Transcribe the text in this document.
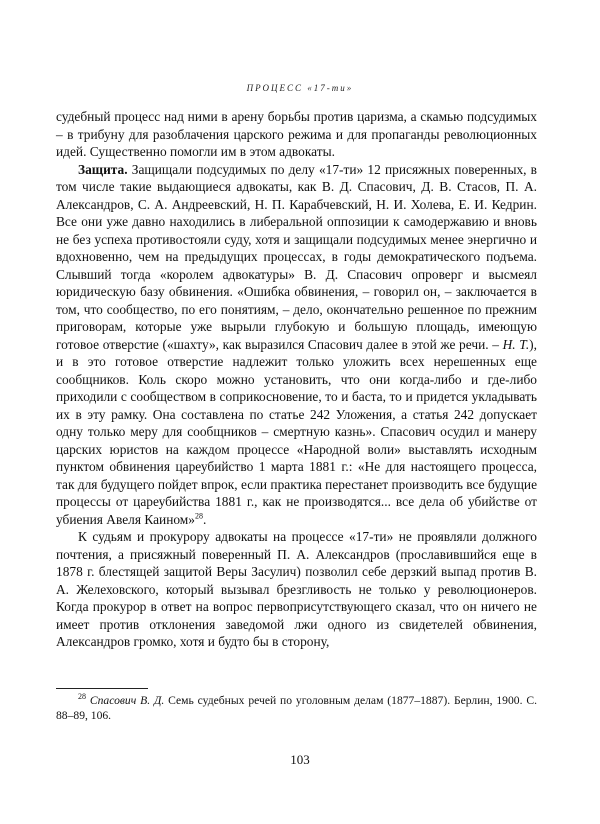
ПРОЦЕСС «17-ти»

судебный процесс над ними в арену борьбы против царизма, а скамью подсудимых – в трибуну для разоблачения царского режима и для пропаганды революционных идей. Существенно помогли им в этом адвокаты.

Защита. Защищали подсудимых по делу «17-ти» 12 присяжных поверенных, в том числе такие выдающиеся адвокаты, как В. Д. Спасович, Д. В. Стасов, П. А. Александров, С. А. Андреевский, Н. П. Карабчевский, Н. И. Холева, Е. И. Кедрин. Все они уже давно находились в либеральной оппозиции к самодержавию и вновь не без успеха противостояли суду, хотя и защищали подсудимых менее энергично и вдохновенно, чем на предыдущих процессах, в годы демократического подъема. Слывший тогда «королем адвокатуры» В. Д. Спасович опроверг и высмеял юридическую базу обвинения. «Ошибка обвинения, – говорил он, – заключается в том, что сообщество, по его понятиям, – дело, окончательно решенное по прежним приговорам, которые уже вырыли глубокую и большую площадь, имеющую готовое отверстие («шахту», как выразился Спасович далее в этой же речи. – Н. Т.), и в это готовое отверстие надлежит только уложить всех нерешенных еще сообщников. Коль скоро можно установить, что они когда-либо и где-либо приходили с сообществом в соприкосновение, то и баста, то и придется укладывать их в эту рамку. Она составлена по статье 242 Уложения, а статья 242 допускает одну только меру для сообщников – смертную казнь». Спасович осудил и манеру царских юристов на каждом процессе «Народной воли» выставлять исходным пунктом обвинения цареубийство 1 марта 1881 г.: «Не для настоящего процесса, так для будущего пойдет впрок, если практика перестанет производить все будущие процессы от цареубийства 1881 г., как не производятся... все дела об убийстве от убиения Авеля Каином»$^{28}$.

К судьям и прокурору адвокаты на процессе «17-ти» не проявляли должного почтения, а присяжный поверенный П. А. Александров (прославившийся еще в 1878 г. блестящей защитой Веры Засулич) позволил себе дерзкий выпад против В. А. Желеховского, который вызывал брезгливость не только у революционеров. Когда прокурор в ответ на вопрос первоприсутствующего сказал, что он ничего не имеет против отклонения заведомой лжи одного из свидетелей обвинения, Александров громко, хотя и будто бы в сторону,

$^{28}$ Спасович В. Д. Семь судебных речей по уголовным делам (1877–1887). Берлин, 1900. С. 88–89, 106.

103
